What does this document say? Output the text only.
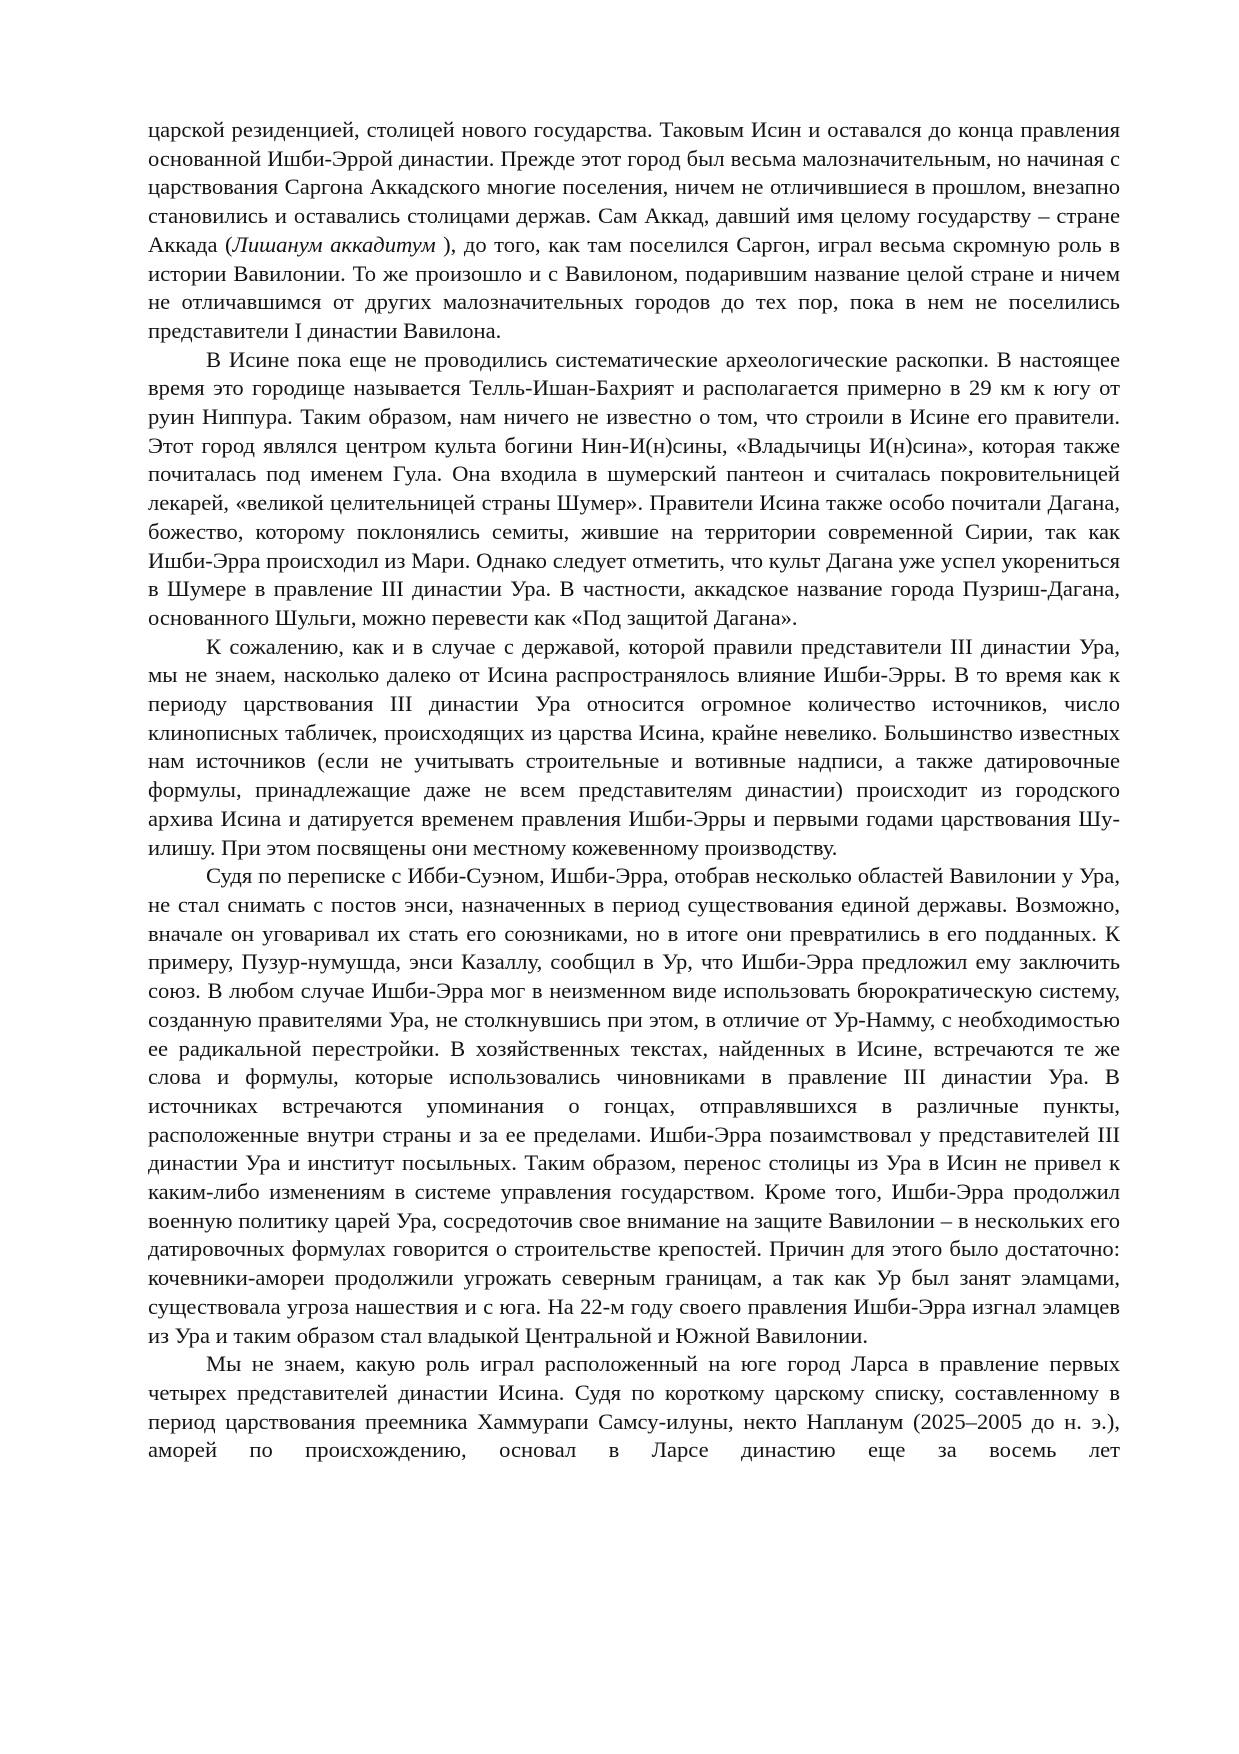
царской резиденцией, столицей нового государства. Таковым Исин и оставался до конца правления основанной Ишби-Эррой династии. Прежде этот город был весьма малозначительным, но начиная с царствования Саргона Аккадского многие поселения, ничем не отличившиеся в прошлом, внезапно становились и оставались столицами держав. Сам Аккад, давший имя целому государству – стране Аккада (Лишанум аккадитум ), до того, как там поселился Саргон, играл весьма скромную роль в истории Вавилонии. То же произошло и с Вавилоном, подарившим название целой стране и ничем не отличавшимся от других малозначительных городов до тех пор, пока в нем не поселились представители I династии Вавилона.

В Исине пока еще не проводились систематические археологические раскопки. В настоящее время это городище называется Телль-Ишан-Бахрият и располагается примерно в 29 км к югу от руин Ниппура. Таким образом, нам ничего не известно о том, что строили в Исине его правители. Этот город являлся центром культа богини Нин-И(н)сины, «Владычицы И(н)сина», которая также почиталась под именем Гула. Она входила в шумерский пантеон и считалась покровительницей лекарей, «великой целительницей страны Шумер». Правители Исина также особо почитали Дагана, божество, которому поклонялись семиты, жившие на территории современной Сирии, так как Ишби-Эрра происходил из Мари. Однако следует отметить, что культ Дагана уже успел укорениться в Шумере в правление III династии Ура. В частности, аккадское название города Пузриш-Дагана, основанного Шульги, можно перевести как «Под защитой Дагана».

К сожалению, как и в случае с державой, которой правили представители III династии Ура, мы не знаем, насколько далеко от Исина распространялось влияние Ишби-Эрры. В то время как к периоду царствования III династии Ура относится огромное количество источников, число клинописных табличек, происходящих из царства Исина, крайне невелико. Большинство известных нам источников (если не учитывать строительные и вотивные надписи, а также датировочные формулы, принадлежащие даже не всем представителям династии) происходит из городского архива Исина и датируется временем правления Ишби-Эрры и первыми годами царствования Шу-илишу. При этом посвящены они местному кожевенному производству.

Судя по переписке с Ибби-Суэном, Ишби-Эрра, отобрав несколько областей Вавилонии у Ура, не стал снимать с постов энси, назначенных в период существования единой державы. Возможно, вначале он уговаривал их стать его союзниками, но в итоге они превратились в его подданных. К примеру, Пузур-нумушда, энси Казаллу, сообщил в Ур, что Ишби-Эрра предложил ему заключить союз. В любом случае Ишби-Эрра мог в неизменном виде использовать бюрократическую систему, созданную правителями Ура, не столкнувшись при этом, в отличие от Ур-Намму, с необходимостью ее радикальной перестройки. В хозяйственных текстах, найденных в Исине, встречаются те же слова и формулы, которые использовались чиновниками в правление III династии Ура. В источниках встречаются упоминания о гонцах, отправлявшихся в различные пункты, расположенные внутри страны и за ее пределами. Ишби-Эрра позаимствовал у представителей III династии Ура и институт посыльных. Таким образом, перенос столицы из Ура в Исин не привел к каким-либо изменениям в системе управления государством. Кроме того, Ишби-Эрра продолжил военную политику царей Ура, сосредоточив свое внимание на защите Вавилонии – в нескольких его датировочных формулах говорится о строительстве крепостей. Причин для этого было достаточно: кочевники-амореи продолжили угрожать северным границам, а так как Ур был занят эламцами, существовала угроза нашествия и с юга. На 22-м году своего правления Ишби-Эрра изгнал эламцев из Ура и таким образом стал владыкой Центральной и Южной Вавилонии.

Мы не знаем, какую роль играл расположенный на юге город Ларса в правление первых четырех представителей династии Исина. Судя по короткому царскому списку, составленному в период царствования преемника Хаммурапи Самсу-илуны, некто Напланум (2025–2005 до н. э.), аморей по происхождению, основал в Ларсе династию еще за восемь лет
